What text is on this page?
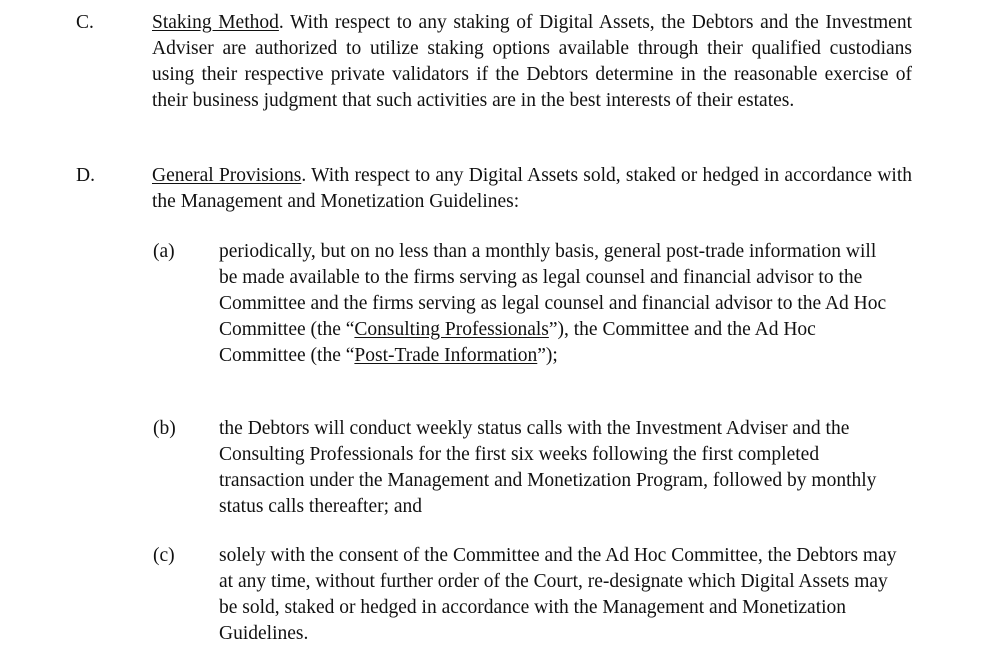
C.	Staking Method. With respect to any staking of Digital Assets, the Debtors and the Investment Adviser are authorized to utilize staking options available through their qualified custodians using their respective private validators if the Debtors determine in the reasonable exercise of their business judgment that such activities are in the best interests of their estates.
D.	General Provisions. With respect to any Digital Assets sold, staked or hedged in accordance with the Management and Monetization Guidelines:
(a) periodically, but on no less than a monthly basis, general post-trade information will be made available to the firms serving as legal counsel and financial advisor to the Committee and the firms serving as legal counsel and financial advisor to the Ad Hoc Committee (the “Consulting Professionals”), the Committee and the Ad Hoc Committee (the “Post-Trade Information”);
(b) the Debtors will conduct weekly status calls with the Investment Adviser and the Consulting Professionals for the first six weeks following the first completed transaction under the Management and Monetization Program, followed by monthly status calls thereafter; and
(c) solely with the consent of the Committee and the Ad Hoc Committee, the Debtors may at any time, without further order of the Court, re-designate which Digital Assets may be sold, staked or hedged in accordance with the Management and Monetization Guidelines.
